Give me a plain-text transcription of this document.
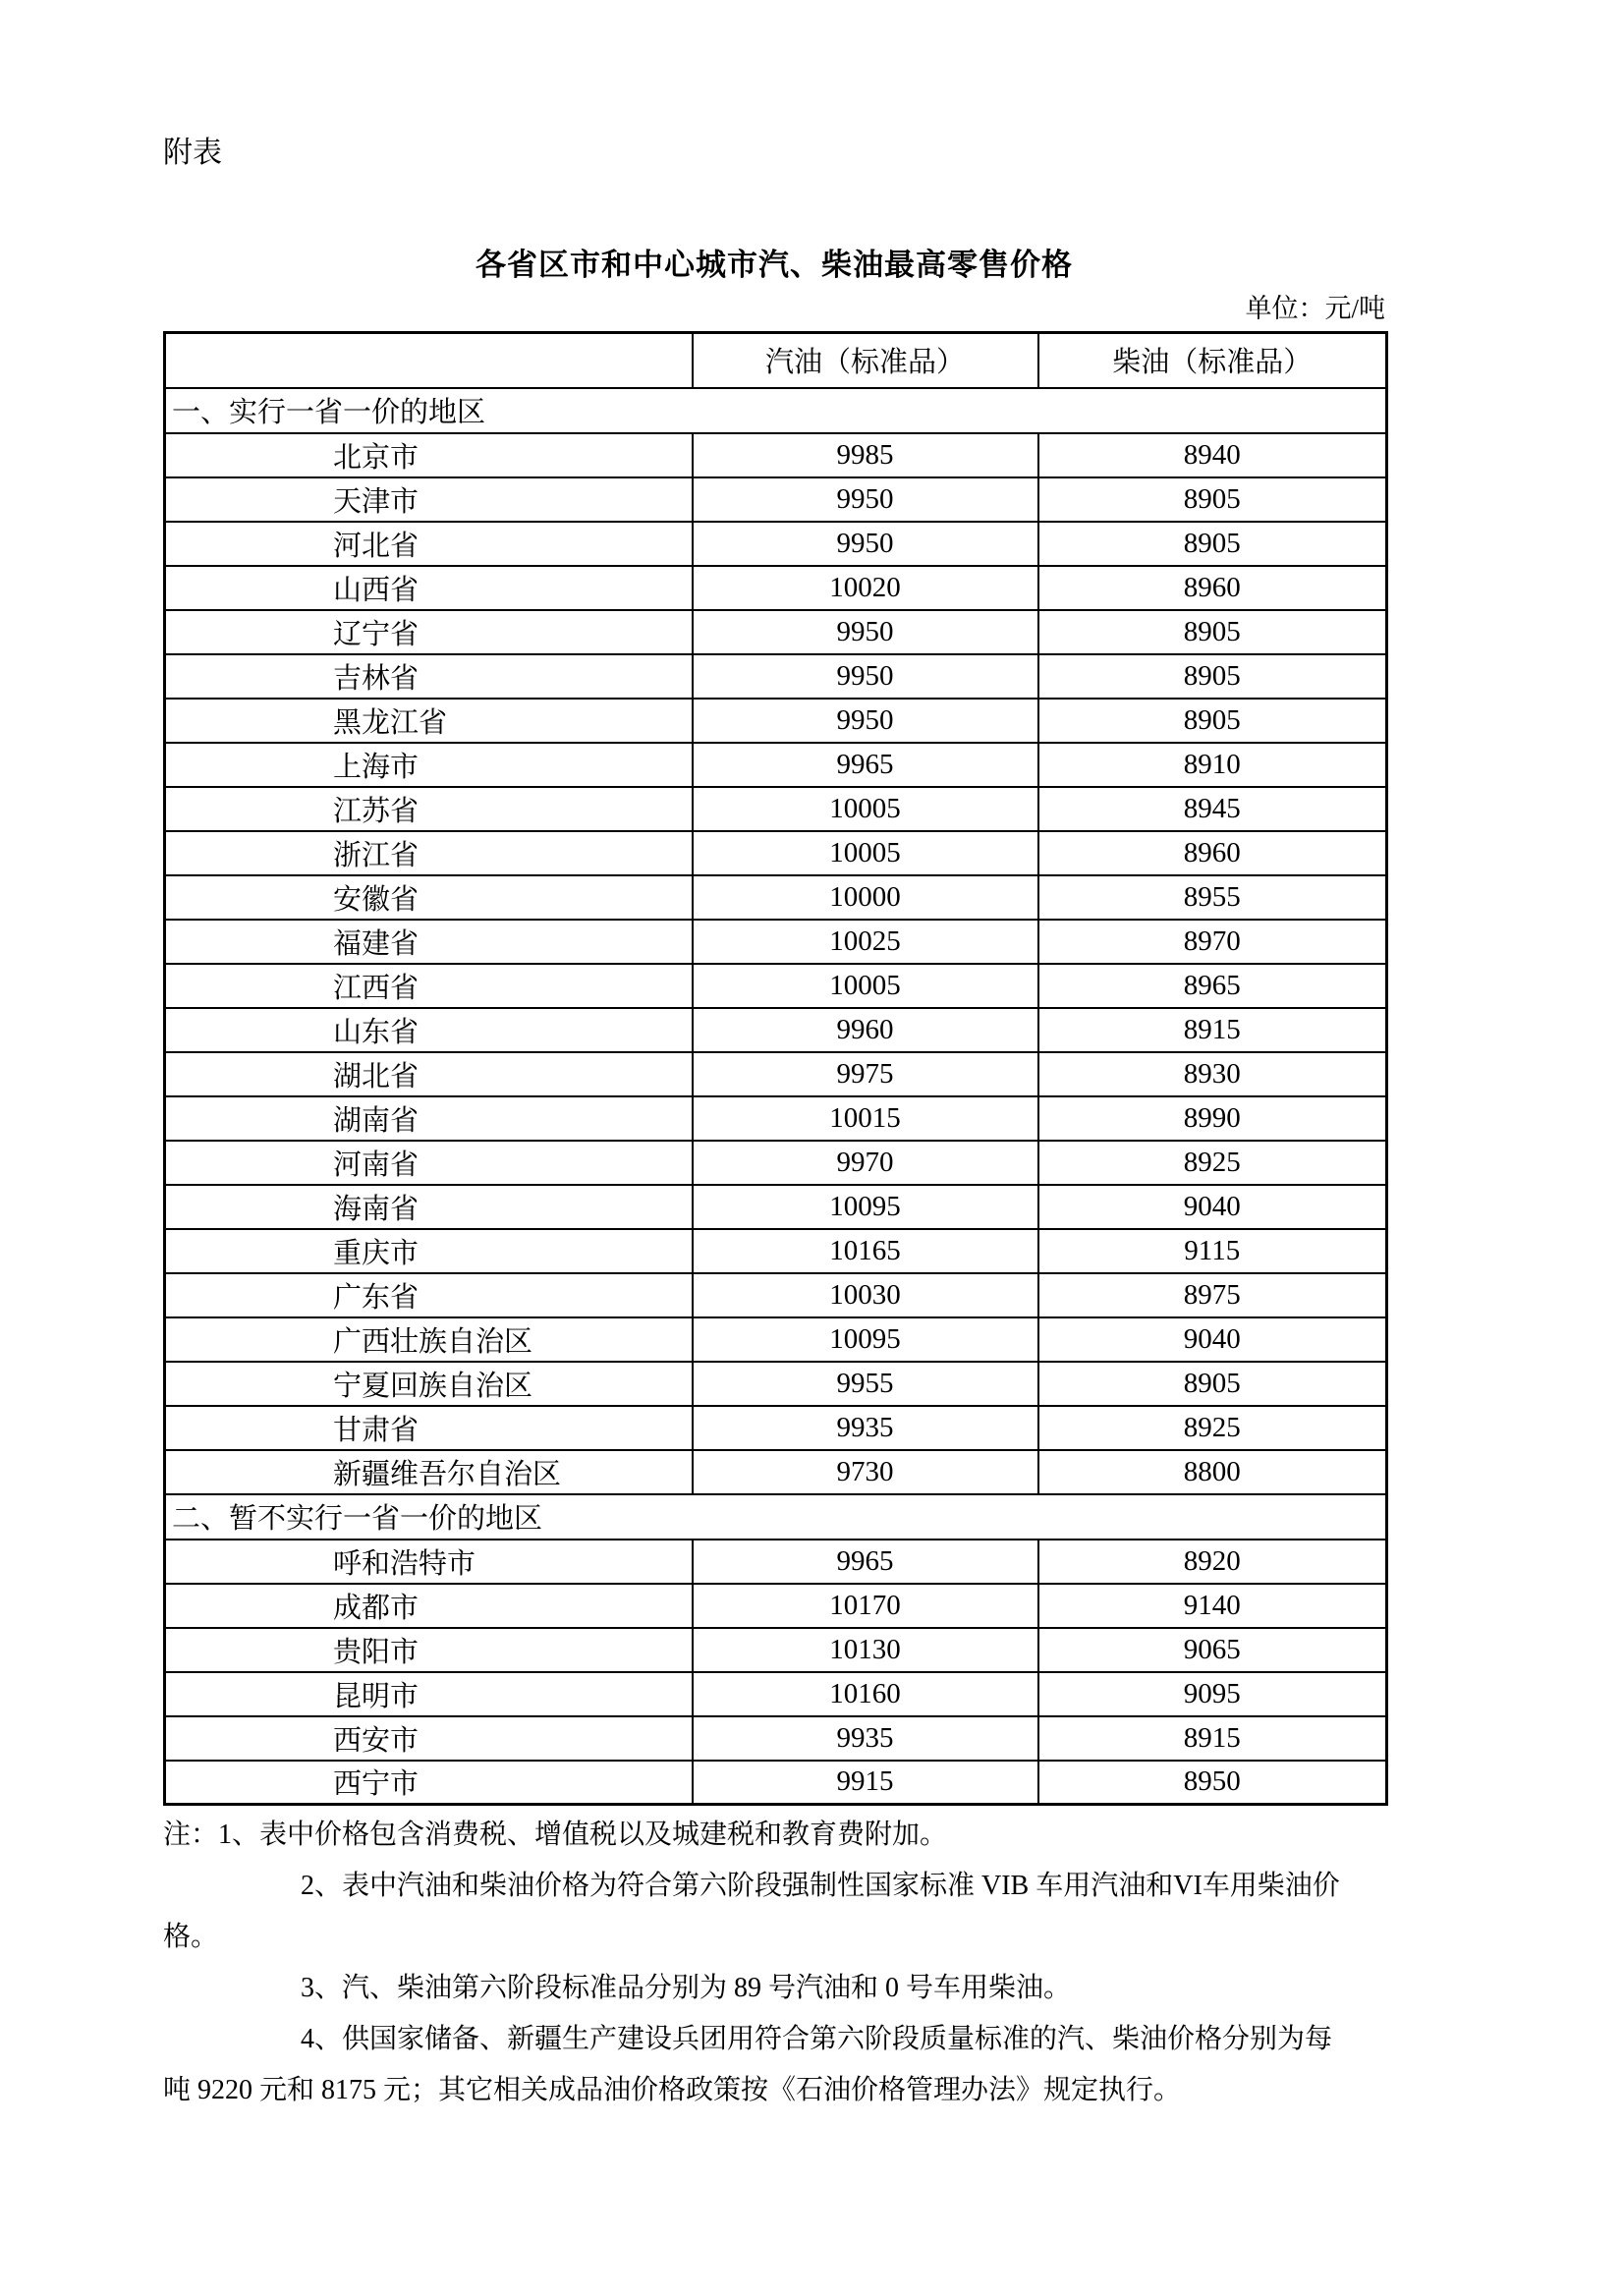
附表
各省区市和中心城市汽、柴油最高零售价格
单位：元/吨
	汽油（标准品）	柴油（标准品）
一、实行一省一价的地区		
北京市	9985	8940
天津市	9950	8905
河北省	9950	8905
山西省	10020	8960
辽宁省	9950	8905
吉林省	9950	8905
黑龙江省	9950	8905
上海市	9965	8910
江苏省	10005	8945
浙江省	10005	8960
安徽省	10000	8955
福建省	10025	8970
江西省	10005	8965
山东省	9960	8915
湖北省	9975	8930
湖南省	10015	8990
河南省	9970	8925
海南省	10095	9040
重庆市	10165	9115
广东省	10030	8975
广西壮族自治区	10095	9040
宁夏回族自治区	9955	8905
甘肃省	9935	8925
新疆维吾尔自治区	9730	8800
二、暂不实行一省一价的地区		
呼和浩特市	9965	8920
成都市	10170	9140
贵阳市	10130	9065
昆明市	10160	9095
西安市	9935	8915
西宁市	9915	8950
注：1、表中价格包含消费税、增值税以及城建税和教育费附加。
2、表中汽油和柴油价格为符合第六阶段强制性国家标准 VIB 车用汽油和VI车用柴油价
格。
3、汽、柴油第六阶段标准品分别为 89 号汽油和 0 号车用柴油。
4、供国家储备、新疆生产建设兵团用符合第六阶段质量标准的汽、柴油价格分别为每
吨 9220 元和 8175 元；其它相关成品油价格政策按《石油价格管理办法》规定执行。
